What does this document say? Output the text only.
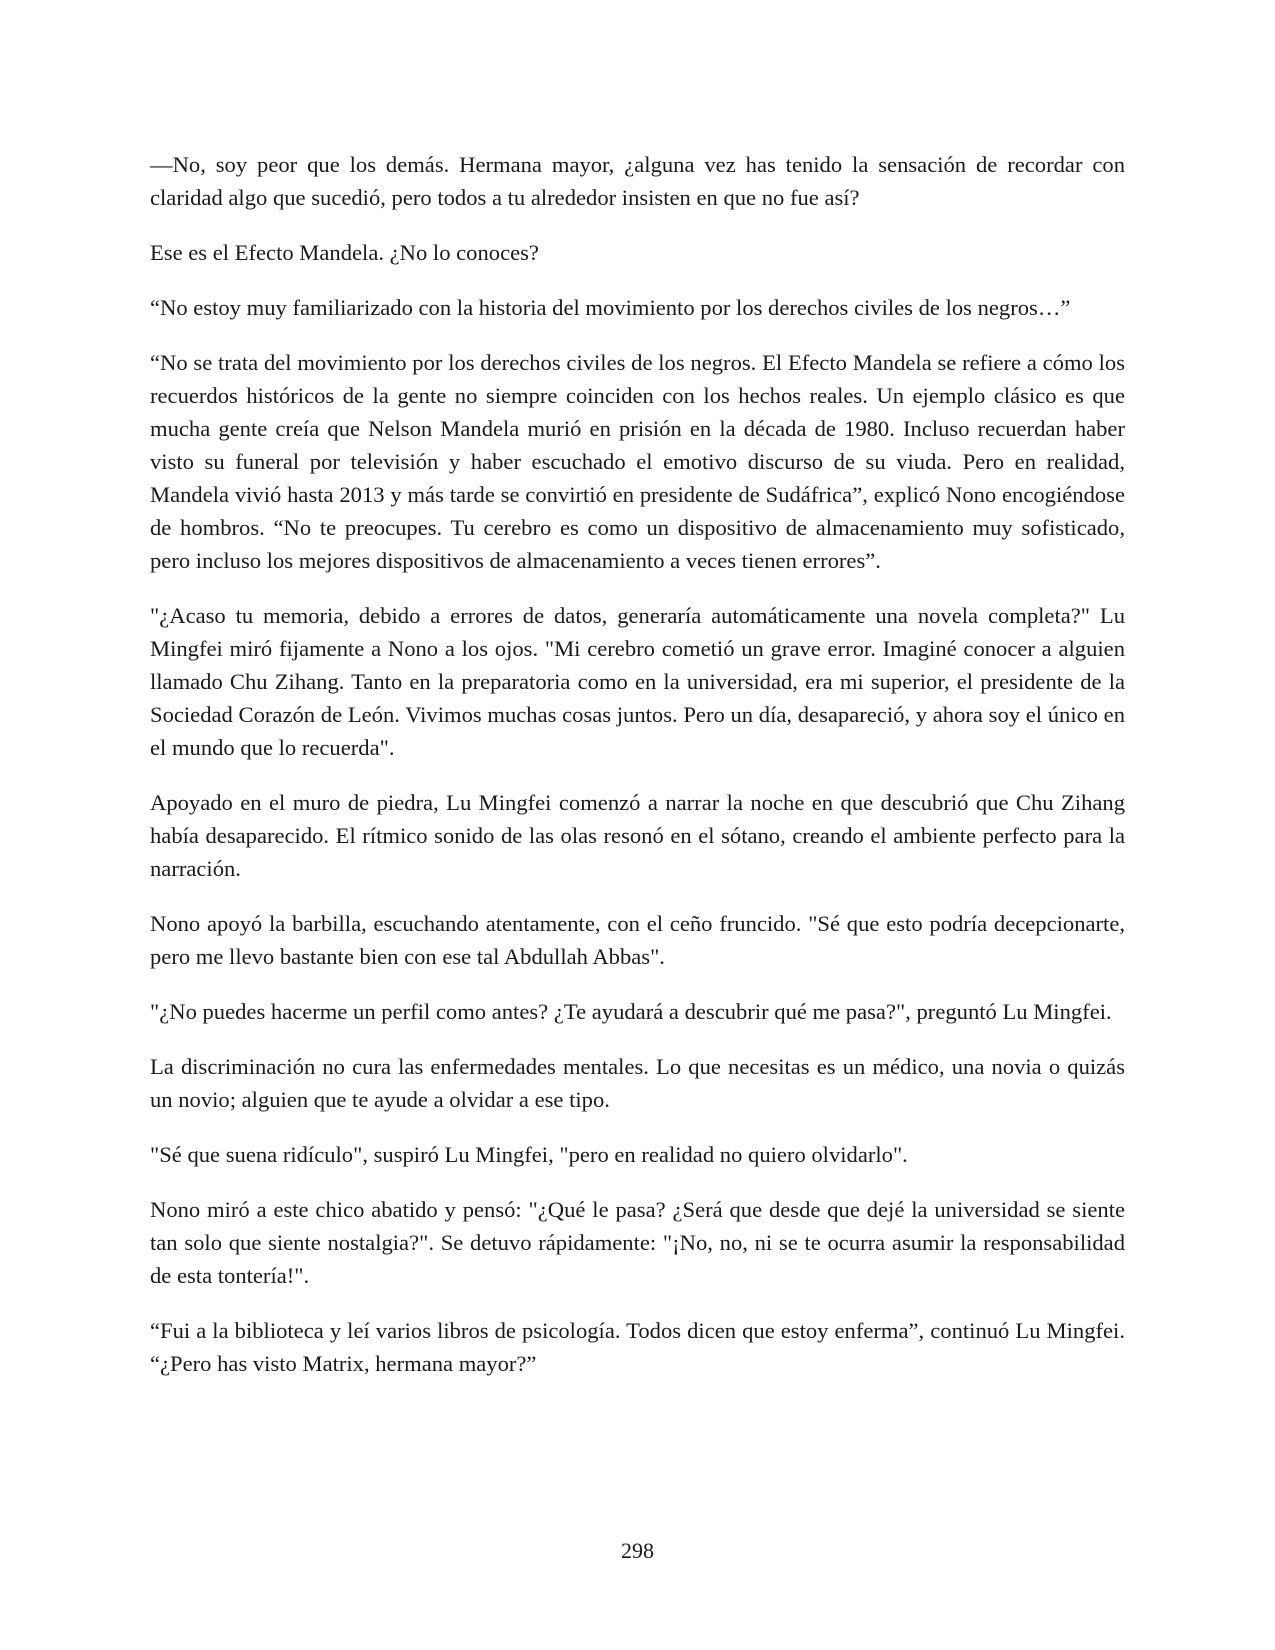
—No, soy peor que los demás. Hermana mayor, ¿alguna vez has tenido la sensación de recordar con claridad algo que sucedió, pero todos a tu alrededor insisten en que no fue así?

Ese es el Efecto Mandela. ¿No lo conoces?

“No estoy muy familiarizado con la historia del movimiento por los derechos civiles de los negros…”

“No se trata del movimiento por los derechos civiles de los negros. El Efecto Mandela se refiere a cómo los recuerdos históricos de la gente no siempre coinciden con los hechos reales. Un ejemplo clásico es que mucha gente creía que Nelson Mandela murió en prisión en la década de 1980. Incluso recuerdan haber visto su funeral por televisión y haber escuchado el emotivo discurso de su viuda. Pero en realidad, Mandela vivió hasta 2013 y más tarde se convirtió en presidente de Sudáfrica”, explicó Nono encogiéndose de hombros. “No te preocupes. Tu cerebro es como un dispositivo de almacenamiento muy sofisticado, pero incluso los mejores dispositivos de almacenamiento a veces tienen errores”.

"¿Acaso tu memoria, debido a errores de datos, generaría automáticamente una novela completa?" Lu Mingfei miró fijamente a Nono a los ojos. "Mi cerebro cometió un grave error. Imaginé conocer a alguien llamado Chu Zihang. Tanto en la preparatoria como en la universidad, era mi superior, el presidente de la Sociedad Corazón de León. Vivimos muchas cosas juntos. Pero un día, desapareció, y ahora soy el único en el mundo que lo recuerda".

Apoyado en el muro de piedra, Lu Mingfei comenzó a narrar la noche en que descubrió que Chu Zihang había desaparecido. El rítmico sonido de las olas resonó en el sótano, creando el ambiente perfecto para la narración.

Nono apoyó la barbilla, escuchando atentamente, con el ceño fruncido. "Sé que esto podría decepcionarte, pero me llevo bastante bien con ese tal Abdullah Abbas".

"¿No puedes hacerme un perfil como antes? ¿Te ayudará a descubrir qué me pasa?", preguntó Lu Mingfei.

La discriminación no cura las enfermedades mentales. Lo que necesitas es un médico, una novia o quizás un novio; alguien que te ayude a olvidar a ese tipo.

"Sé que suena ridículo", suspiró Lu Mingfei, "pero en realidad no quiero olvidarlo".

Nono miró a este chico abatido y pensó: "¿Qué le pasa? ¿Será que desde que dejé la universidad se siente tan solo que siente nostalgia?". Se detuvo rápidamente: "¡No, no, ni se te ocurra asumir la responsabilidad de esta tontería!".

“Fui a la biblioteca y leí varios libros de psicología. Todos dicen que estoy enferma”, continuó Lu Mingfei. “¿Pero has visto Matrix, hermana mayor?”

298
